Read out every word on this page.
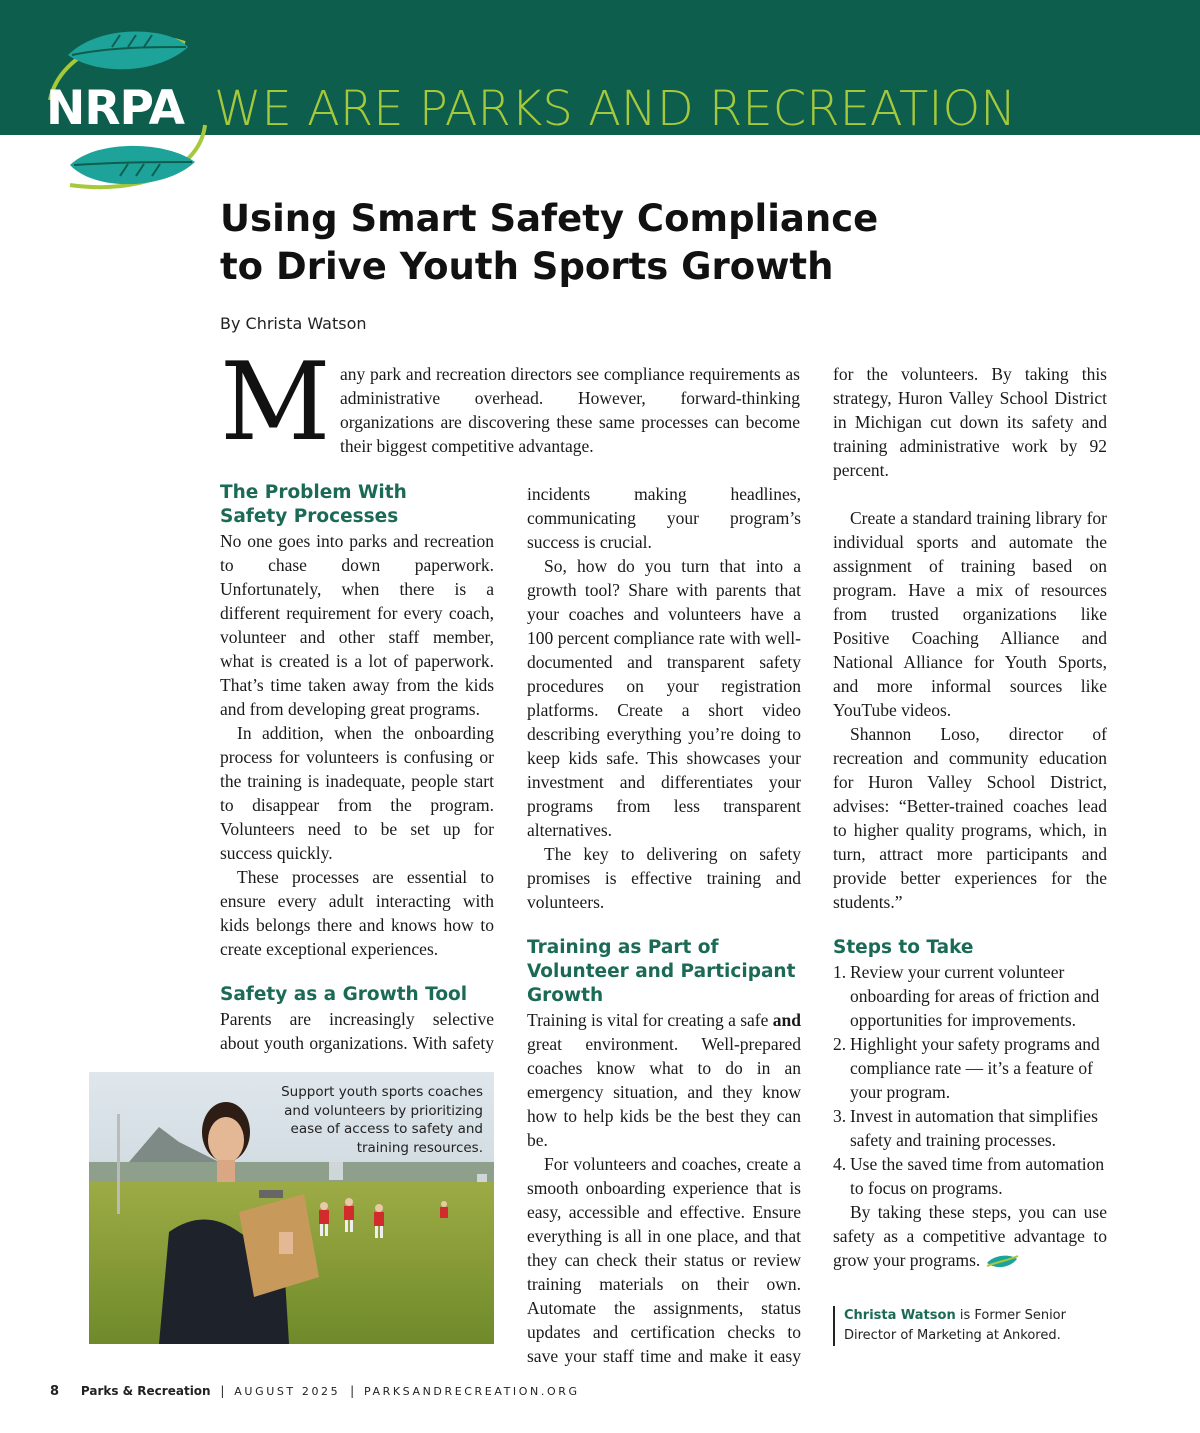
NRPA WE ARE PARKS AND RECREATION
Using Smart Safety Compliance
to Drive Youth Sports Growth
By Christa Watson
M any park and recreation directors see compliance requirements as administrative overhead. However, forward-thinking organizations are discovering these same processes can become their biggest competitive advantage.

The Problem With Safety Processes

No one goes into parks and recreation to chase down paperwork. Unfortunately, when there is a different requirement for every coach, volunteer and other staff member, what is created is a lot of paperwork. That’s time taken away from the kids and from developing great programs.

In addition, when the onboarding process for volunteers is confusing or the training is inadequate, people start to disappear from the program. Volunteers need to be set up for success quickly.

These processes are essential to ensure every adult interacting with kids belongs there and knows how to create exceptional experiences.

Safety as a Growth Tool

Parents are increasingly selective about youth organizations. With safety

Support youth sports coaches and volunteers by prioritizing ease of access to safety and training resources.

incidents making headlines, communicating your program’s success is crucial.

So, how do you turn that into a growth tool? Share with parents that your coaches and volunteers have a 100 percent compliance rate with well-documented and transparent safety procedures on your registration platforms. Create a short video describing everything you’re doing to keep kids safe. This showcases your investment and differentiates your programs from less transparent alternatives.

The key to delivering on safety promises is effective training and volunteers.

Training as Part of Volunteer and Participant Growth

Training is vital for creating a safe and great environment. Well-prepared coaches know what to do in an emergency situation, and they know how to help kids be the best they can be.

For volunteers and coaches, create a smooth onboarding experience that is easy, accessible and effective. Ensure everything is all in one place, and that they can check their status or review training materials on their own. Automate the assignments, status updates and certification checks to save your staff time and make it easy

for the volunteers. By taking this strategy, Huron Valley School District in Michigan cut down its safety and training administrative work by 92 percent.

Create a standard training library for individual sports and automate the assignment of training based on program. Have a mix of resources from trusted organizations like Positive Coaching Alliance and National Alliance for Youth Sports, and more informal sources like YouTube videos.

Shannon Loso, director of recreation and community education for Huron Valley School District, advises: “Better-trained coaches lead to higher quality programs, which, in turn, attract more participants and provide better experiences for the students.”

Steps to Take
1. Review your current volunteer onboarding for areas of friction and opportunities for improvements.
2. Highlight your safety programs and compliance rate — it’s a feature of your program.
3. Invest in automation that simplifies safety and training processes.
4. Use the saved time from automation to focus on programs.

By taking these steps, you can use safety as a competitive advantage to grow your programs.

Christa Watson is Former Senior Director of Marketing at Ankored.
8 Parks & Recreation | AUGUST 2025 | PARKSANDRECREATION.ORG
